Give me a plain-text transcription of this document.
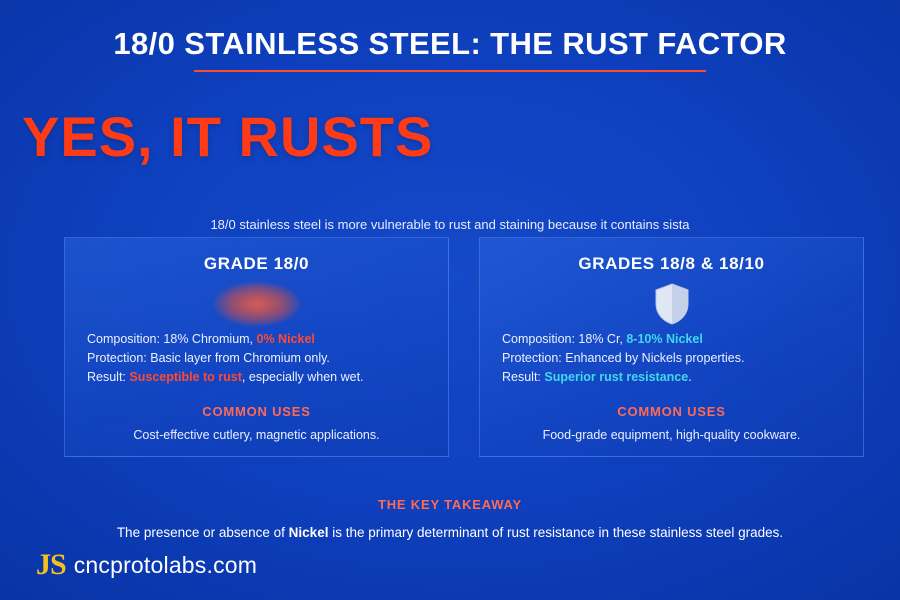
18/0 STAINLESS STEEL: THE RUST FACTOR
YES, IT RUSTS
18/0 stainless steel is more vulnerable to rust and staining because it contains sista
GRADE 18/0
Composition: 18% Chromium, 0% Nickel
Protection: Basic layer from Chromium only.
Result: Susceptible to rust, especially when wet.
COMMON USES
Cost-effective cutlery, magnetic applications.
GRADES 18/8 & 18/10
Composition: 18% Cr, 8-10% Nickel
Protection: Enhanced by Nickels properties.
Result: Superior rust resistance.
COMMON USES
Food-grade equipment, high-quality cookware.
THE KEY TAKEAWAY
The presence or absence of Nickel is the primary determinant of rust resistance in these stainless steel grades.
JS cncprotolabs.com
